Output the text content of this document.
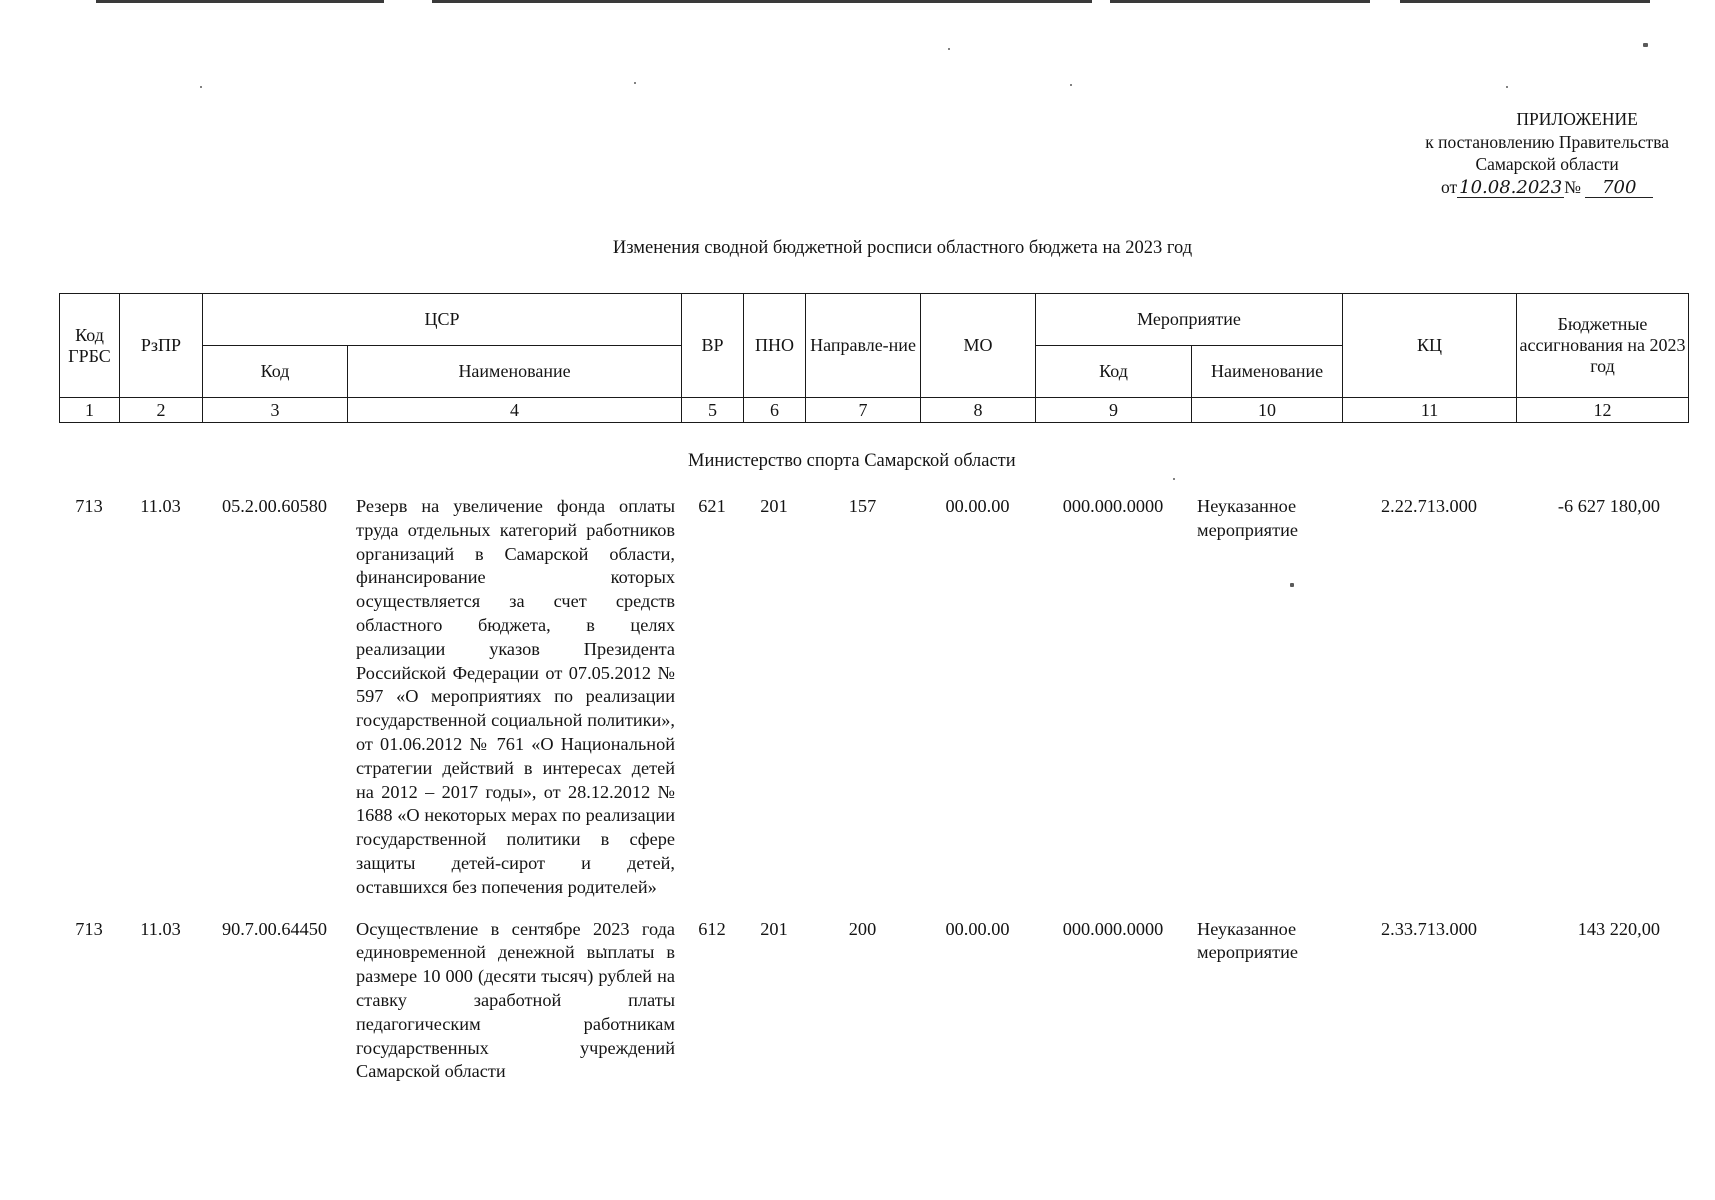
ПРИЛОЖЕНИЕ
к постановлению Правительства
Самарской области
от 10.08.2023 № 700
Изменения сводной бюджетной росписи областного бюджета на 2023 год
Код ГРБС	РзПР	ЦСР		ВР	ПНО	Направле-ние	МО	Мероприятие		КЦ	Бюджетные ассигнования на 2023 год
		Код	Наименование					Код	Наименование		
1	2	3	4	5	6	7	8	9	10	11	12
Министерство спорта Самарской области
713	11.03	05.2.00.60580	Резерв на увеличение фонда оплаты труда отдельных категорий работников организаций в Самарской области, финансирование которых осуществляется за счет средств областного бюджета, в целях реализации указов Президента Российской Федерации от 07.05.2012 № 597 «О мероприятиях по реализации государственной социальной политики», от 01.06.2012 № 761 «О Национальной стратегии действий в интересах детей на 2012 – 2017 годы», от 28.12.2012 № 1688 «О некоторых мерах по реализации государственной политики в сфере защиты детей-сирот и детей, оставшихся без попечения родителей»	621	201	157	00.00.00	000.000.0000	Неуказанное мероприятие	2.22.713.000	-6 627 180,00
713	11.03	90.7.00.64450	Осуществление в сентябре 2023 года единовременной денежной выплаты в размере 10 000 (десяти тысяч) рублей на ставку заработной платы педагогическим работникам государственных учреждений Самарской области	612	201	200	00.00.00	000.000.0000	Неуказанное мероприятие	2.33.713.000	143 220,00
